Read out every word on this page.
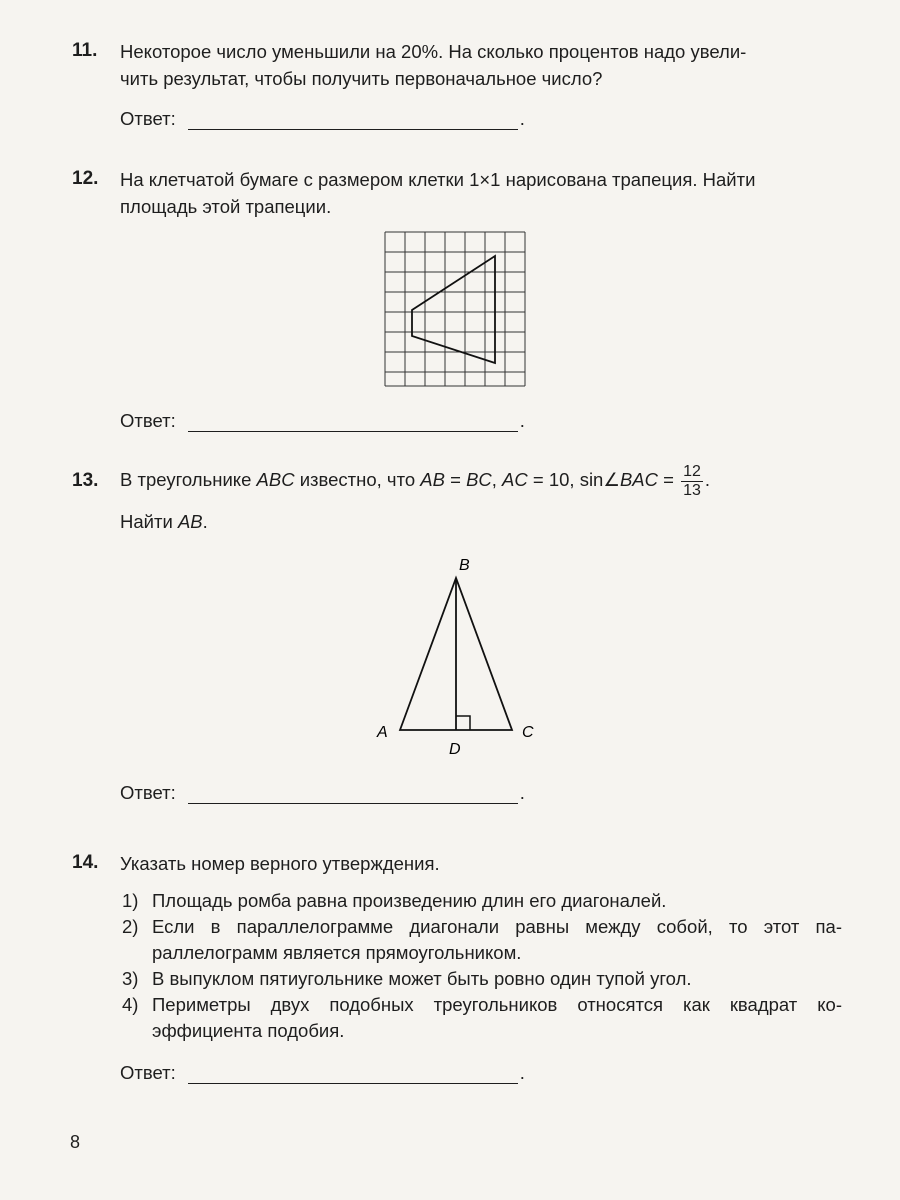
11. Некоторое число уменьшили на 20%. На сколько процентов надо увели-
чить результат, чтобы получить первоначальное число?
Ответ:	.
12. На клетчатой бумаге с размером клетки 1×1 нарисована трапеция. Найти
площадь этой трапеции.
Ответ:	.
13. В треугольнике ABC известно, что AB = BC, AC = 10, sin∠BAC = $\frac{12}{13}$ .
Найти AB.
B
A	C
D
Ответ:	.
14. Указать номер верного утверждения.
1) Площадь ромба равна произведению длин его диагоналей.
2) Если в параллелограмме диагонали равны между собой, то этот параллелограмм является прямоугольником.
3) В выпуклом пятиугольнике может быть ровно один тупой угол.
4) Периметры двух подобных треугольников относятся как квадрат коэффициента подобия.
Ответ:	.
8
